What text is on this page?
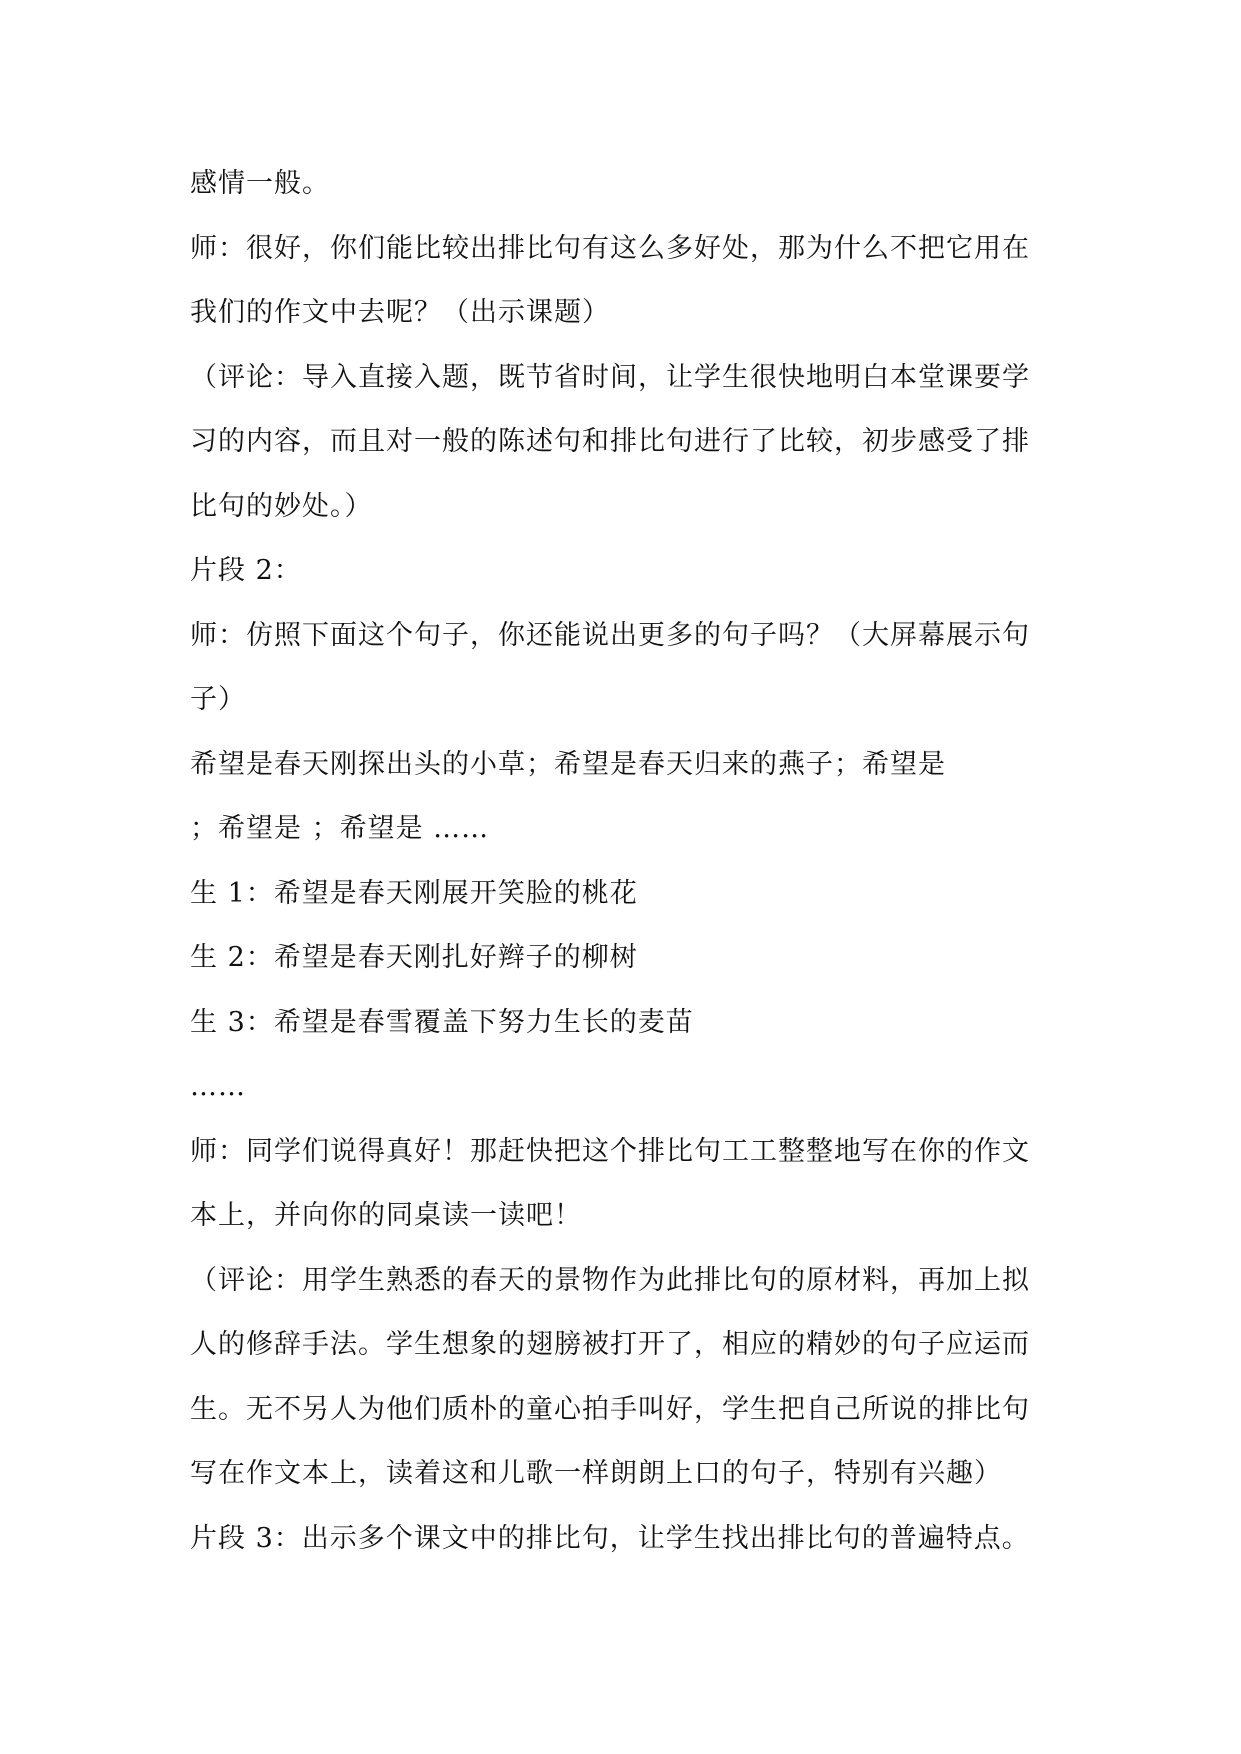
感情一般。
师：很好，你们能比较出排比句有这么多好处，那为什么不把它用在
我们的作文中去呢？（出示课题）
（评论：导入直接入题，既节省时间，让学生很快地明白本堂课要学
习的内容，而且对一般的陈述句和排比句进行了比较，初步感受了排
比句的妙处。）
片段 2：
师：仿照下面这个句子，你还能说出更多的句子吗？（大屏幕展示句
子）
希望是春天刚探出头的小草；希望是春天归来的燕子；希望是
；希望是 ；希望是 ……
生 1：希望是春天刚展开笑脸的桃花
生 2：希望是春天刚扎好辫子的柳树
生 3：希望是春雪覆盖下努力生长的麦苗
……
师：同学们说得真好！那赶快把这个排比句工工整整地写在你的作文
本上，并向你的同桌读一读吧！
（评论：用学生熟悉的春天的景物作为此排比句的原材料，再加上拟
人的修辞手法。学生想象的翅膀被打开了，相应的精妙的句子应运而
生。无不另人为他们质朴的童心拍手叫好，学生把自己所说的排比句
写在作文本上，读着这和儿歌一样朗朗上口的句子，特别有兴趣）
片段 3：出示多个课文中的排比句，让学生找出排比句的普遍特点。
